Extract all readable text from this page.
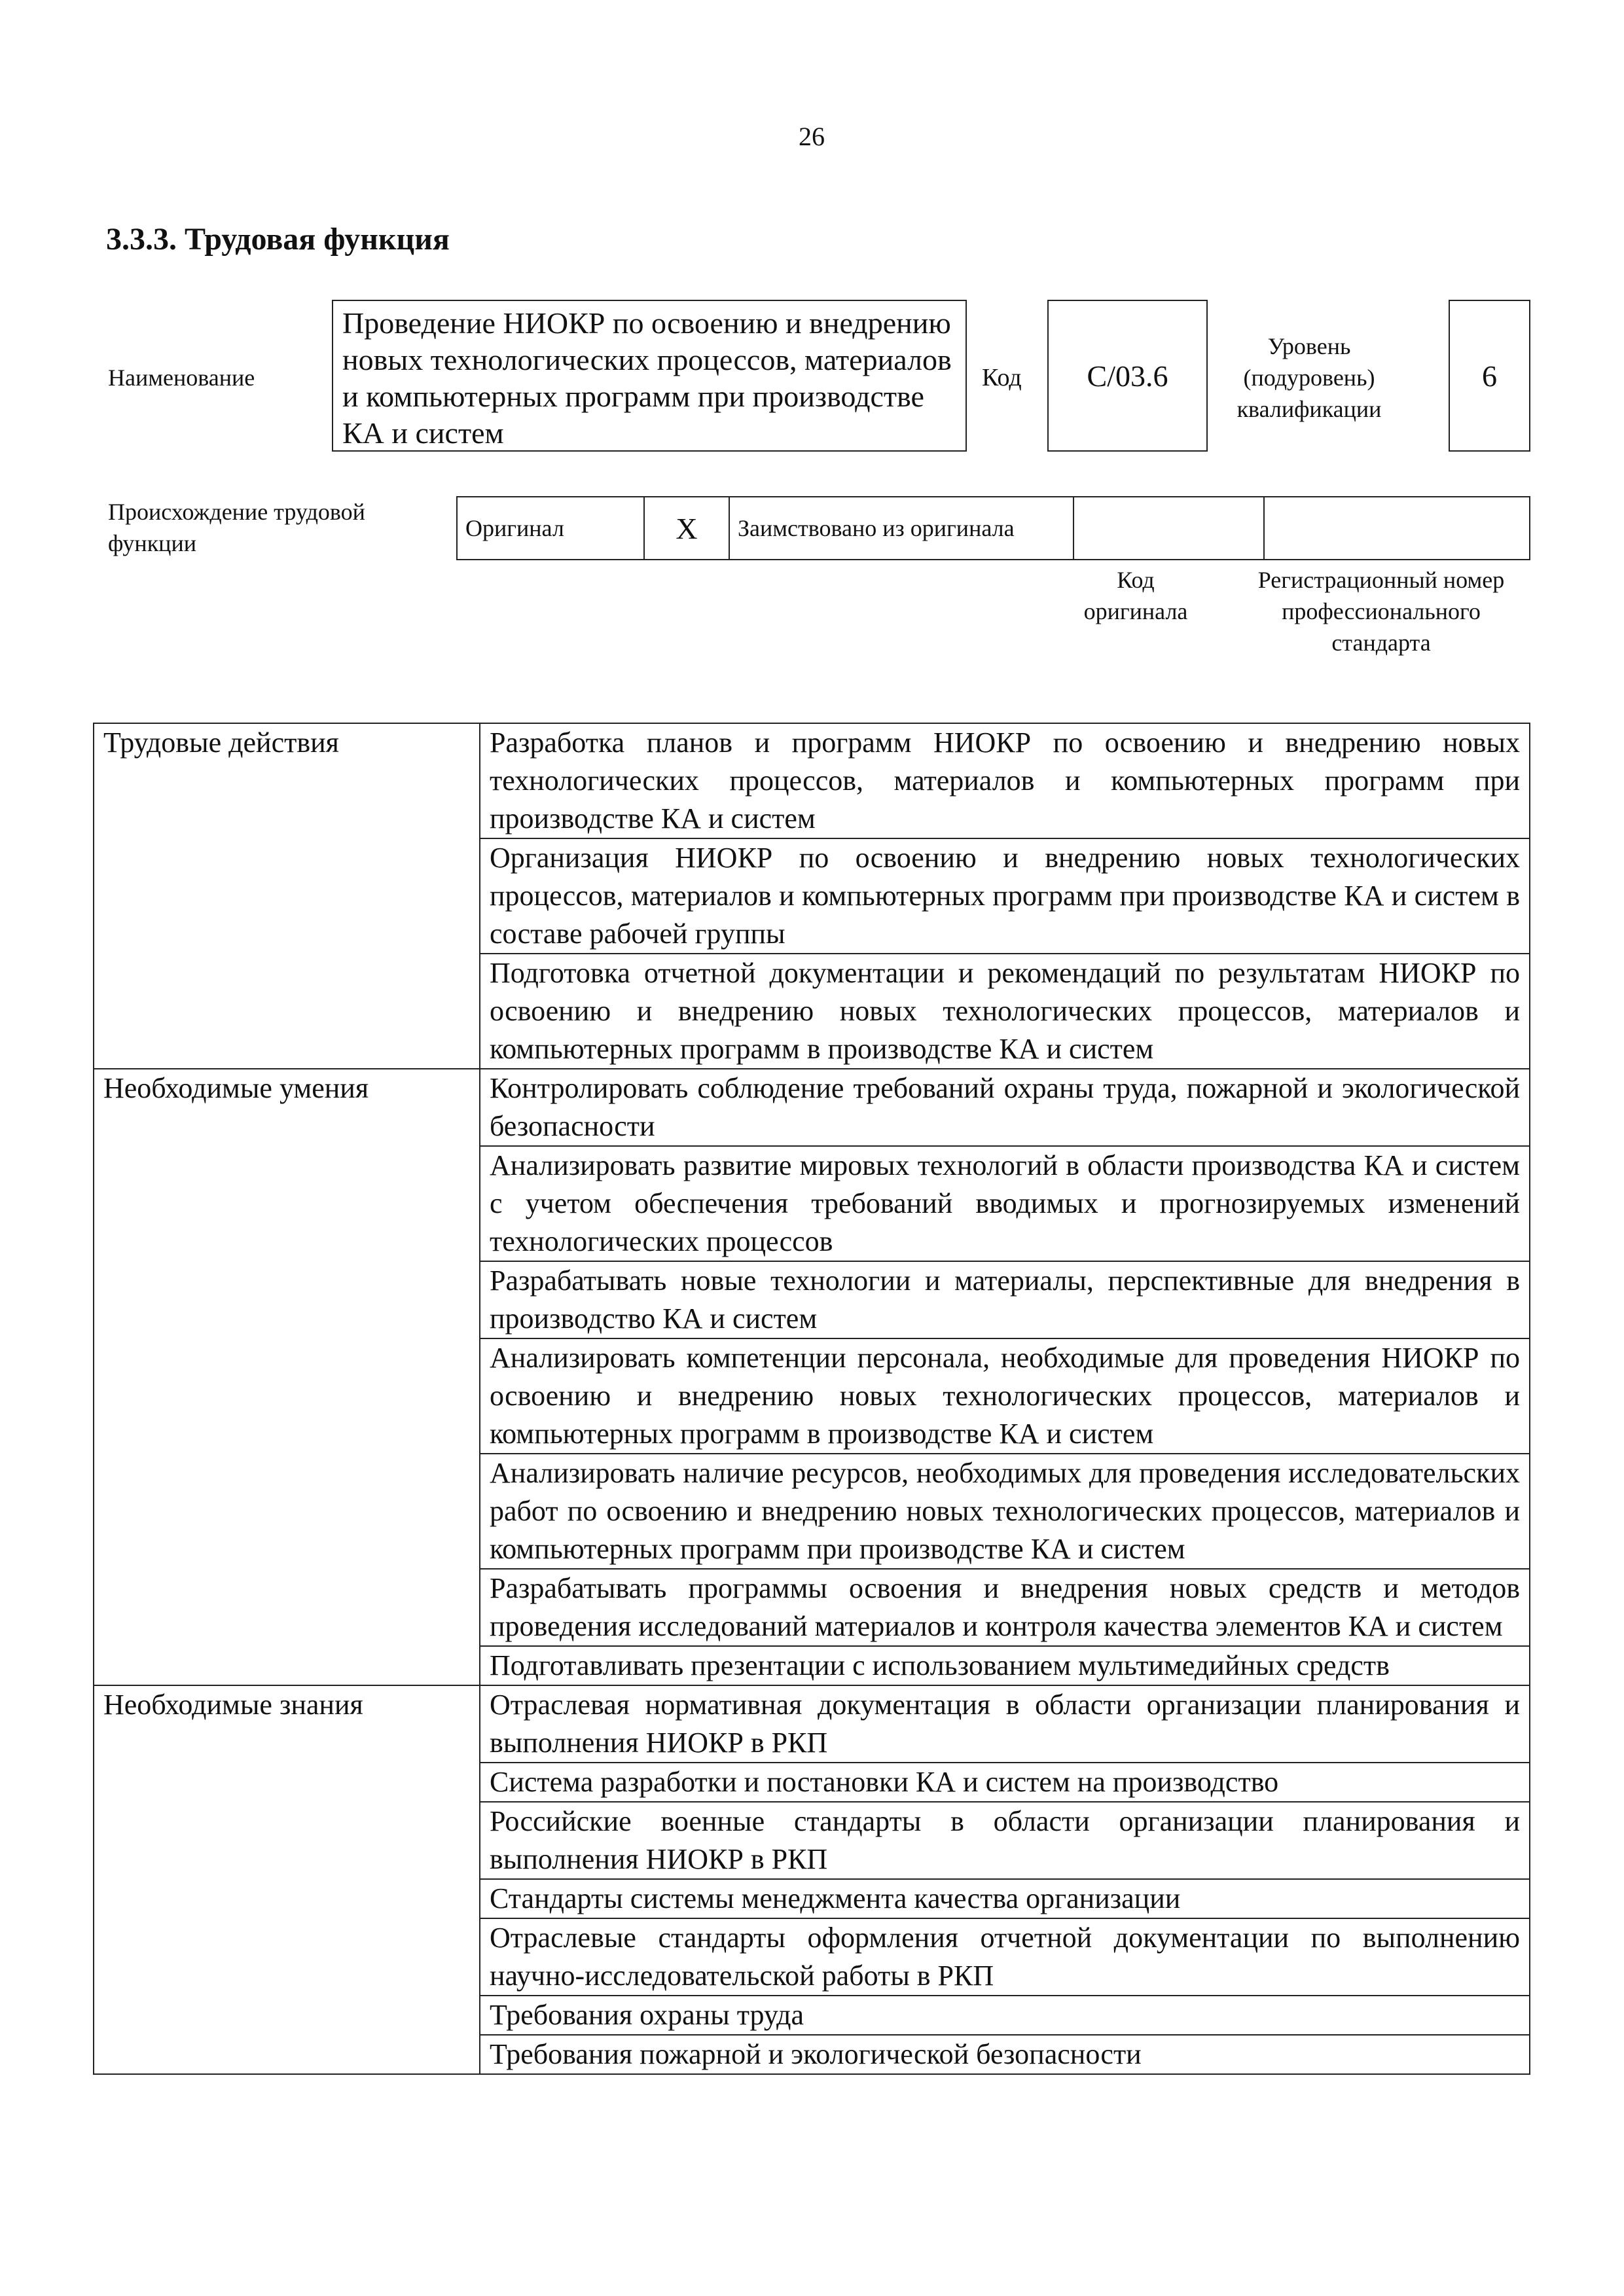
26
3.3.3. Трудовая функция
Наименование
Проведение НИОКР по освоению и внедрению новых технологических процессов, материалов и компьютерных программ при производстве КА и систем
Код	C/03.6
Уровень (подуровень) квалификации
6
Происхождение трудовой функции
Оригинал	X	Заимствовано из оригинала		
Код оригинала
Регистрационный номер профессионального стандарта
Трудовые действия	Разработка планов и программ НИОКР по освоению и внедрению новых технологических процессов, материалов и компьютерных программ при производстве КА и систем
	Организация НИОКР по освоению и внедрению новых технологических процессов, материалов и компьютерных программ при производстве КА и систем в составе рабочей группы
	Подготовка отчетной документации и рекомендаций по результатам НИОКР по освоению и внедрению новых технологических процессов, материалов и компьютерных программ в производстве КА и систем
Необходимые умения	Контролировать соблюдение требований охраны труда, пожарной и экологической безопасности
	Анализировать развитие мировых технологий в области производства КА и систем с учетом обеспечения требований вводимых и прогнозируемых изменений технологических процессов
	Разрабатывать новые технологии и материалы, перспективные для внедрения в производство КА и систем
	Анализировать компетенции персонала, необходимые для проведения НИОКР по освоению и внедрению новых технологических процессов, материалов и компьютерных программ в производстве КА и систем
	Анализировать наличие ресурсов, необходимых для проведения исследовательских работ по освоению и внедрению новых технологических процессов, материалов и компьютерных программ при производстве КА и систем
	Разрабатывать программы освоения и внедрения новых средств и методов проведения исследований материалов и контроля качества элементов КА и систем
	Подготавливать презентации с использованием мультимедийных средств
Необходимые знания	Отраслевая нормативная документация в области организации планирования и выполнения НИОКР в РКП
	Система разработки и постановки КА и систем на производство
	Российские военные стандарты в области организации планирования и выполнения НИОКР в РКП
	Стандарты системы менеджмента качества организации
	Отраслевые стандарты оформления отчетной документации по выполнению научно-исследовательской работы в РКП
	Требования охраны труда
	Требования пожарной и экологической безопасности
